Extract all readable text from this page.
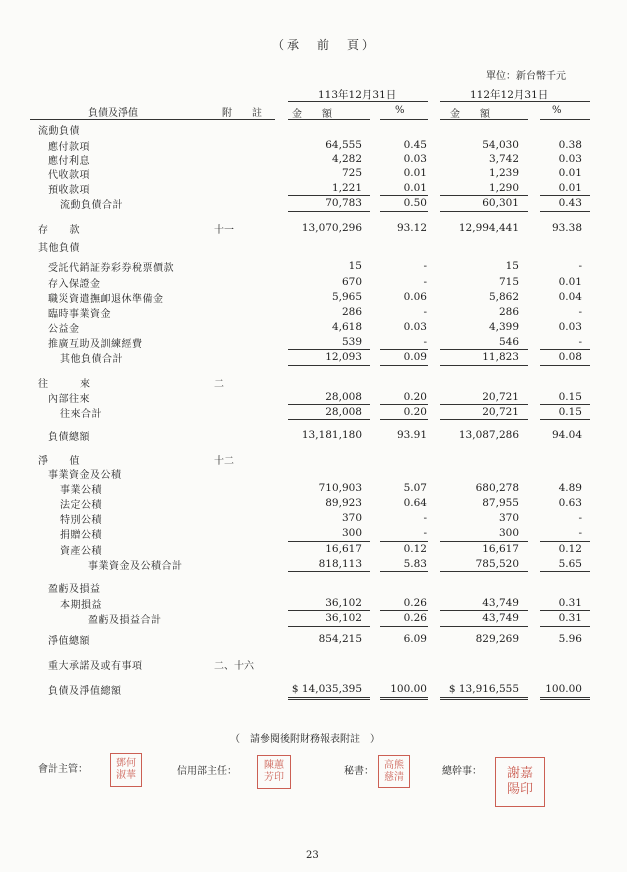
（承　前　頁）
單位：新台幣千元
113年12月31日	112年12月31日
負債及淨值	附　　註	金　　額	%	金　　額	%
流動負債
應付款項	64,555	0.45	54,030	0.38
應付利息	4,282	0.03	3,742	0.03
代收款項	725	0.01	1,239	0.01
預收款項	1,221	0.01	1,290	0.01
流動負債合計	70,783	0.50	60,301	0.43
存　　款	十一	13,070,296	93.12	12,994,441	93.38
其他負債
受託代銷証券彩券稅票價款	15	-	15	-
存入保證金	670	-	715	0.01
職災資遣撫卹退休準備金	5,965	0.06	5,862	0.04
臨時事業資金	286	-	286	-
公益金	4,618	0.03	4,399	0.03
推廣互助及訓練經費	539	-	546	-
其他負債合計	12,093	0.09	11,823	0.08
往　　　來	二
內部往來	28,008	0.20	20,721	0.15
往來合計	28,008	0.20	20,721	0.15
負債總額	13,181,180	93.91	13,087,286	94.04
淨　　值	十二
事業資金及公積
事業公積	710,903	5.07	680,278	4.89
法定公積	89,923	0.64	87,955	0.63
特別公積	370	-	370	-
捐贈公積	300	-	300	-
資產公積	16,617	0.12	16,617	0.12
事業資金及公積合計	818,113	5.83	785,520	5.65
盈虧及損益
本期損益	36,102	0.26	43,749	0.31
盈虧及損益合計	36,102	0.26	43,749	0.31
淨值總額	854,215	6.09	829,269	5.96
重大承諾及或有事項	二、十六
負債及淨值總額	$ 14,035,395	100.00 $ 13,916,555	100.00
（　請參閱後附財務報表附註　）
會計主管：
鄧何
淑華	信用部主任：
陳蕙
芳印
秘書：
高熊
慈清	總幹事：	謝嘉
陽印
23
